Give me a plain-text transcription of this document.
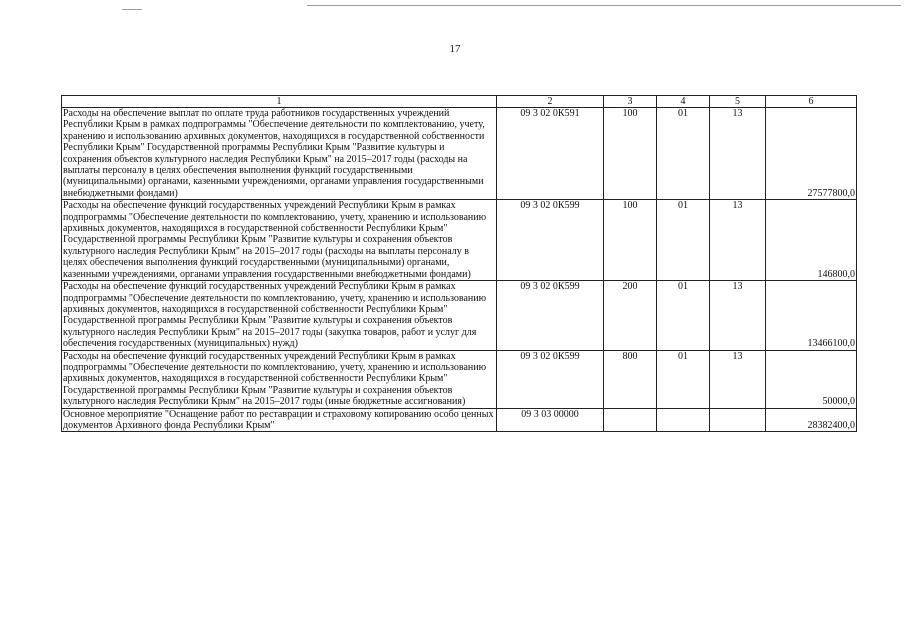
17
1	2	3	4	5	6
Расходы на обеспечение выплат по оплате труда работников государственных учреждений Республики Крым в рамках подпрограммы "Обеспечение деятельности по комплектованию, учету, хранению и использованию архивных документов, находящихся в государственной собственности Республики Крым" Государственной программы Республики Крым "Развитие культуры и сохранения объектов культурного наследия Республики Крым" на 2015–2017 годы (расходы на выплаты персоналу в целях обеспечения выполнения функций государственными (муниципальными) органами, казенными учреждениями, органами управления государственными внебюджетными фондами)	09 3 02 0К591	100	01	13	27577800,0
Расходы на обеспечение функций государственных учреждений Республики Крым в рамках подпрограммы "Обеспечение деятельности по комплектованию, учету, хранению и использованию архивных документов, находящихся в государственной собственности Республики Крым" Государственной программы Республики Крым "Развитие культуры и сохранения объектов культурного наследия Республики Крым" на 2015–2017 годы (расходы на выплаты персоналу в целях обеспечения выполнения функций государственными (муниципальными) органами, казенными учреждениями, органами управления государственными внебюджетными фондами)	09 3 02 0К599	100	01	13	146800,0
Расходы на обеспечение функций государственных учреждений Республики Крым в рамках подпрограммы "Обеспечение деятельности по комплектованию, учету, хранению и использованию архивных документов, находящихся в государственной собственности Республики Крым" Государственной программы Республики Крым "Развитие культуры и сохранения объектов культурного наследия Республики Крым" на 2015–2017 годы (закупка товаров, работ и услуг для обеспечения государственных (муниципальных) нужд)	09 3 02 0К599	200	01	13	13466100,0
Расходы на обеспечение функций государственных учреждений Республики Крым в рамках подпрограммы "Обеспечение деятельности по комплектованию, учету, хранению и использованию архивных документов, находящихся в государственной собственности Республики Крым" Государственной программы Республики Крым "Развитие культуры и сохранения объектов культурного наследия Республики Крым" на 2015–2017 годы (иные бюджетные ассигнования)	09 3 02 0К599	800	01	13	50000,0
Основное мероприятие "Оснащение работ по реставрации и страховому копированию особо ценных документов Архивного фонда Республики Крым"	09 3 03 00000				28382400,0
